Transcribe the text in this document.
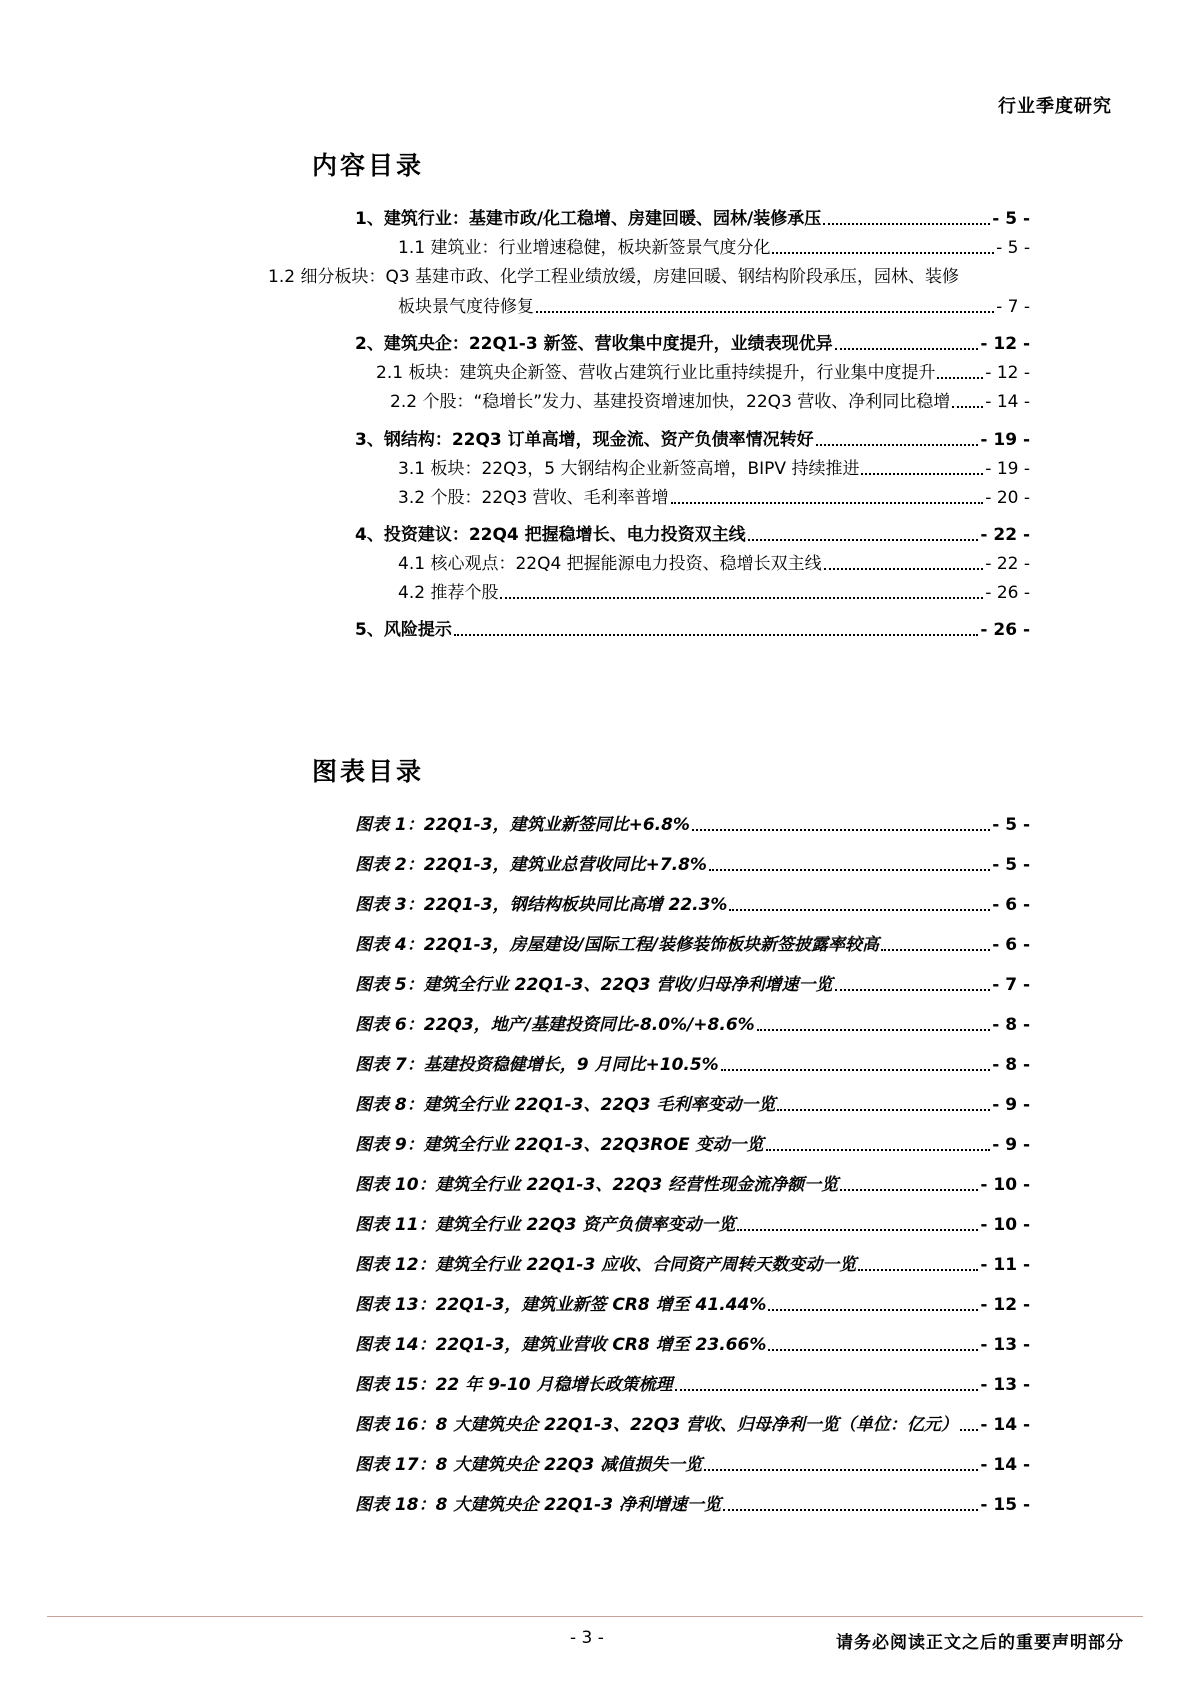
行业季度研究
内容目录
1、建筑行业：基建市政/化工稳增、房建回暖、园林/装修承压	- 5 -
1.1 建筑业：行业增速稳健，板块新签景气度分化	- 5 -
1.2 细分板块：Q3 基建市政、化学工程业绩放缓，房建回暖、钢结构阶段承压，园林、装修
板块景气度待修复	- 7 -
2、建筑央企：22Q1-3 新签、营收集中度提升，业绩表现优异	- 12 -
2.1 板块：建筑央企新签、营收占建筑行业比重持续提升，行业集中度提升	- 12 -
2.2 个股：“稳增长”发力、基建投资增速加快，22Q3 营收、净利同比稳增 - 14 -
3、钢结构：22Q3 订单高增，现金流、资产负债率情况转好	- 19 -
3.1 板块：22Q3，5 大钢结构企业新签高增，BIPV 持续推进	- 19 -
3.2 个股：22Q3 营收、毛利率普增	- 20 -
4、投资建议：22Q4 把握稳增长、电力投资双主线	- 22 -
4.1 核心观点：22Q4 把握能源电力投资、稳增长双主线	- 22 -
4.2 推荐个股	- 26 -
5、风险提示	- 26 -
图表目录
图表 1：22Q1-3，建筑业新签同比+6.8%	- 5 -
图表 2：22Q1-3，建筑业总营收同比+7.8%	- 5 -
图表 3：22Q1-3，钢结构板块同比高增 22.3%	- 6 -
图表 4：22Q1-3，房屋建设/国际工程/装修装饰板块新签披露率较高	- 6 -
图表 5：建筑全行业 22Q1-3、22Q3 营收/归母净利增速一览	- 7 -
图表 6：22Q3，地产/基建投资同比-8.0%/+8.6%	- 8 -
图表 7：基建投资稳健增长，9 月同比+10.5%	- 8 -
图表 8：建筑全行业 22Q1-3、22Q3 毛利率变动一览	- 9 -
图表 9：建筑全行业 22Q1-3、22Q3ROE 变动一览	- 9 -
图表 10：建筑全行业 22Q1-3、22Q3 经营性现金流净额一览	- 10 -
图表 11：建筑全行业 22Q3 资产负债率变动一览	- 10 -
图表 12：建筑全行业 22Q1-3 应收、合同资产周转天数变动一览	- 11 -
图表 13：22Q1-3，建筑业新签 CR8 增至 41.44%	- 12 -
图表 14：22Q1-3，建筑业营收 CR8 增至 23.66%	- 13 -
图表 15：22 年 9-10 月稳增长政策梳理	- 13 -
图表 16：8 大建筑央企 22Q1-3、22Q3 营收、归母净利一览（单位：亿元） - 14 -
图表 17：8 大建筑央企 22Q3 减值损失一览	- 14 -
图表 18：8 大建筑央企 22Q1-3 净利增速一览	- 15 -
- 3 -	请务必阅读正文之后的重要声明部分
